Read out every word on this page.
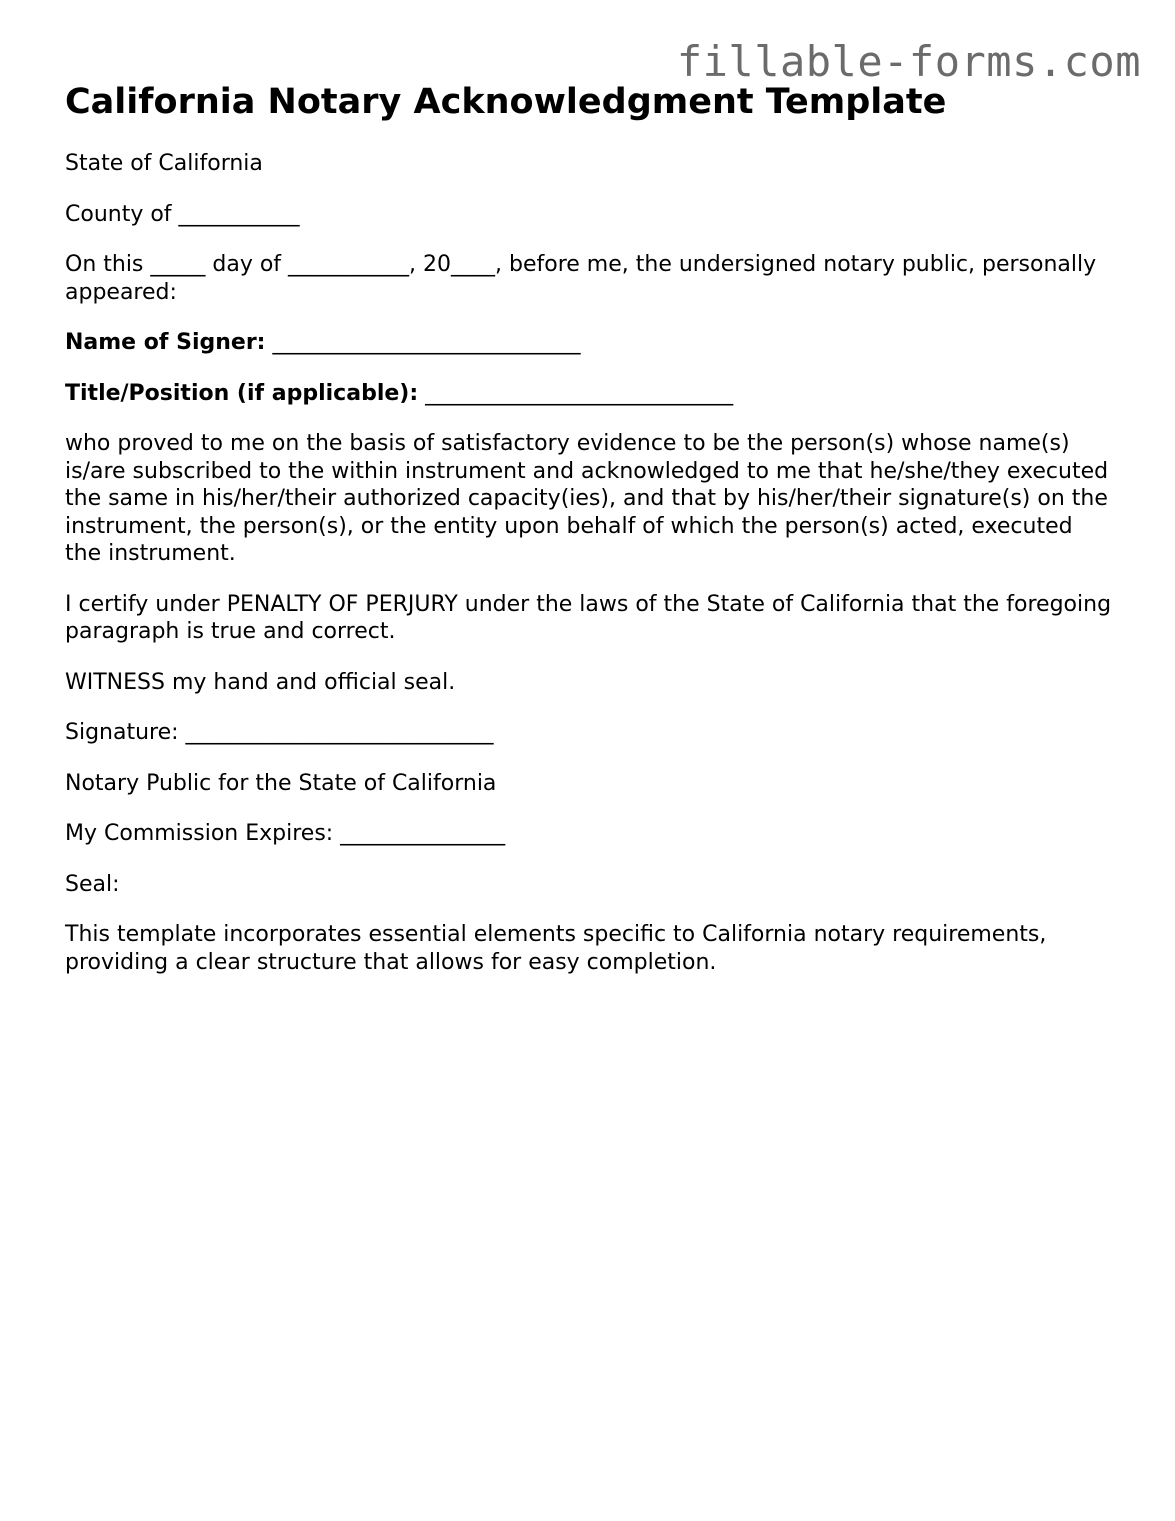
fillable-forms.com
California Notary Acknowledgment Template

State of California

County of ___________

On this _____ day of ___________, 20____, before me, the undersigned notary public, personally appeared:

Name of Signer: ____________________________

Title/Position (if applicable): ____________________________

who proved to me on the basis of satisfactory evidence to be the person(s) whose name(s) is/are subscribed to the within instrument and acknowledged to me that he/she/they executed the same in his/her/their authorized capacity(ies), and that by his/her/their signature(s) on the instrument, the person(s), or the entity upon behalf of which the person(s) acted, executed the instrument.

I certify under PENALTY OF PERJURY under the laws of the State of California that the foregoing paragraph is true and correct.

WITNESS my hand and official seal.

Signature: ____________________________

Notary Public for the State of California

My Commission Expires: _______________

Seal:

This template incorporates essential elements specific to California notary requirements, providing a clear structure that allows for easy completion.
